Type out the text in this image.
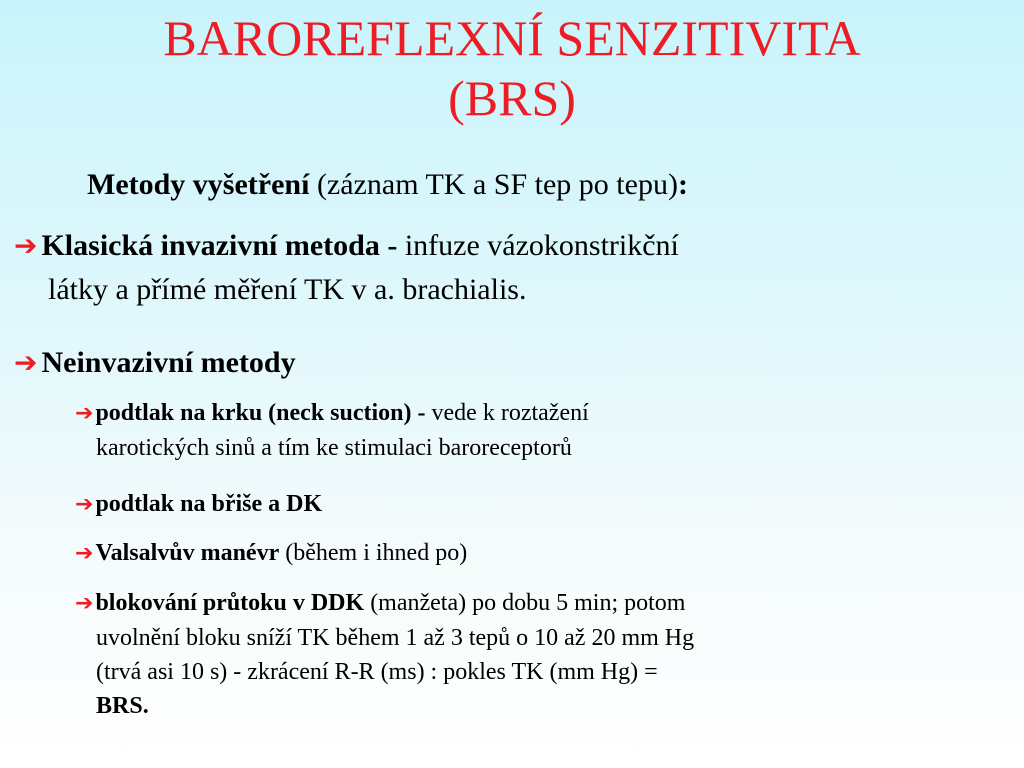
BAROREFLEXNÍ SENZITIVITA
(BRS)
Metody vyšetření (záznam TK a SF tep po tepu):
➔ Klasická invazivní metoda - infuze vázokonstrikční
látky a přímé měření TK v a. brachialis.
➔ Neinvazivní metody
➔podtlak na krku (neck suction) - vede k roztažení
karotických sinů a tím ke stimulaci baroreceptorů
➔podtlak na břiše a DK
➔Valsalvův manévr (během i ihned po)
➔blokování průtoku v DDK (manžeta) po dobu 5 min; potom
uvolnění bloku sníží TK během 1 až 3 tepů o 10 až 20 mm Hg
(trvá asi 10 s) - zkrácení R-R (ms) : pokles TK (mm Hg) =
BRS.
